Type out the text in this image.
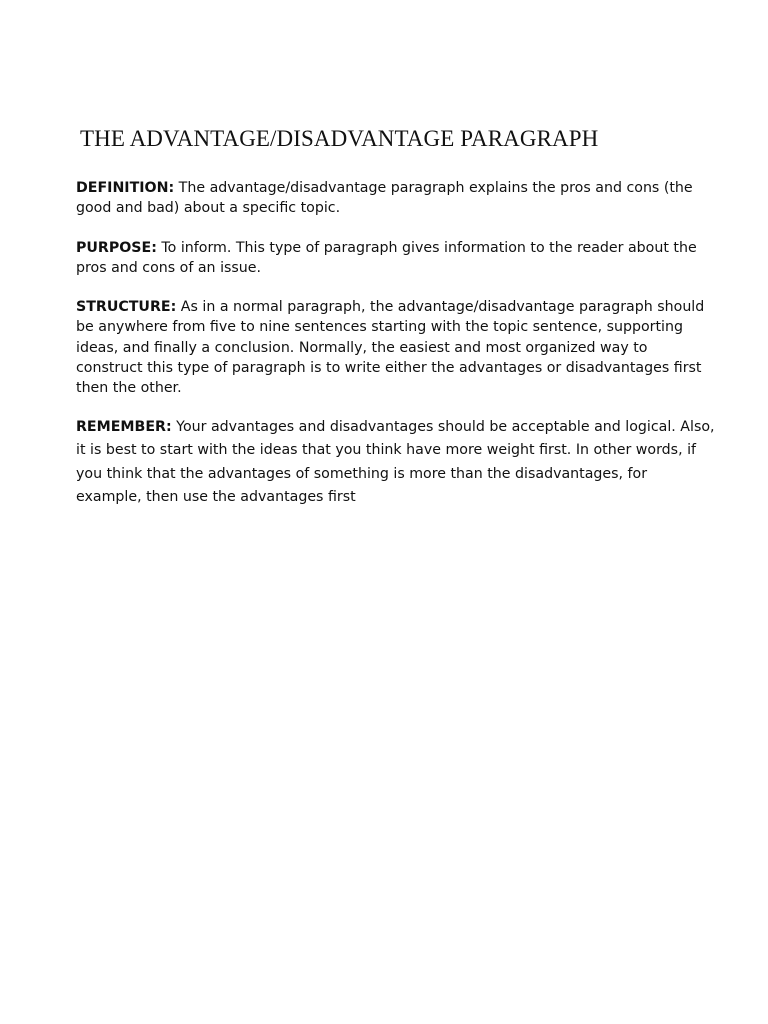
THE ADVANTAGE/DISADVANTAGE PARAGRAPH

DEFINITION: The advantage/disadvantage paragraph explains the pros and cons (the good and bad) about a specific topic.

PURPOSE: To inform. This type of paragraph gives information to the reader about the pros and cons of an issue.

STRUCTURE: As in a normal paragraph, the advantage/disadvantage paragraph should be anywhere from five to nine sentences starting with the topic sentence, supporting ideas, and finally a conclusion. Normally, the easiest and most organized way to construct this type of paragraph is to write either the advantages or disadvantages first then the other.

REMEMBER: Your advantages and disadvantages should be acceptable and logical. Also, it is best to start with the ideas that you think have more weight first. In other words, if you think that the advantages of something is more than the disadvantages, for example, then use the advantages first
